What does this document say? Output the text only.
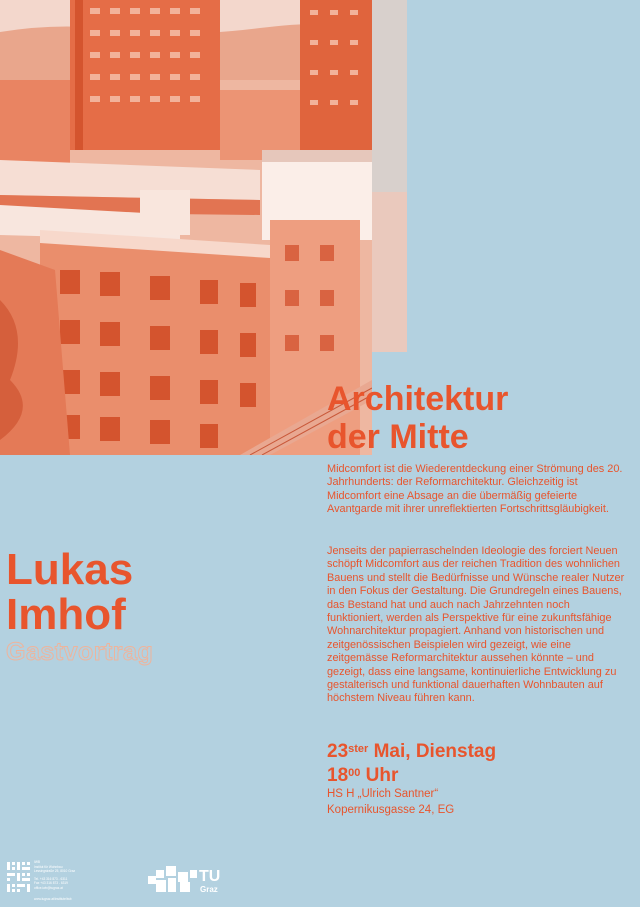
Architektur
der Mitte

Midcomfort ist die Wiederentdeckung einer Strömung des 20. Jahrhunderts: der Reformarchitektur. Gleichzeitig ist Midcomfort eine Absage an die übermäßig gefeierte Avantgarde mit ihrer unreflektierten Fortschrittsgläubigkeit.

Jenseits der papierraschelnden Ideologie des forciert Neuen schöpft Midcomfort aus der reichen Tradition des wohnlichen Bauens und stellt die Bedürfnisse und Wünsche realer Nutzer in den Fokus der Gestaltung. Die Grundregeln eines Bauens, das Bestand hat und auch nach Jahrzehnten noch funktioniert, werden als Perspektive für eine zukunftsfähige Wohnarchitektur propagiert. Anhand von historischen und zeitgenössischen Beispielen wird gezeigt, wie eine zeitgemässe Reformarchitektur aussehen könnte – und gezeigt, dass eine langsame, kontinuierliche Entwicklung zu gestalterisch und funktional dauerhaften Wohnbauten auf höchstem Niveau führen kann.

Lukas
Imhof
Gastvortrag
$23^{ster}$ Mai, Dienstag
$18^{00}$ Uhr
HS H „Ulrich Santner“
Kopernikusgasse 24, EG
IWB
Institut für Wohnbau
Lessingstraße 25, 8010 Graz
Tel. +43 316 873 - 6311
Fax +43 316 873 - 6319
office.iwb@tugraz.at
www.tugraz.at/institute/iwb
TU
Graz
